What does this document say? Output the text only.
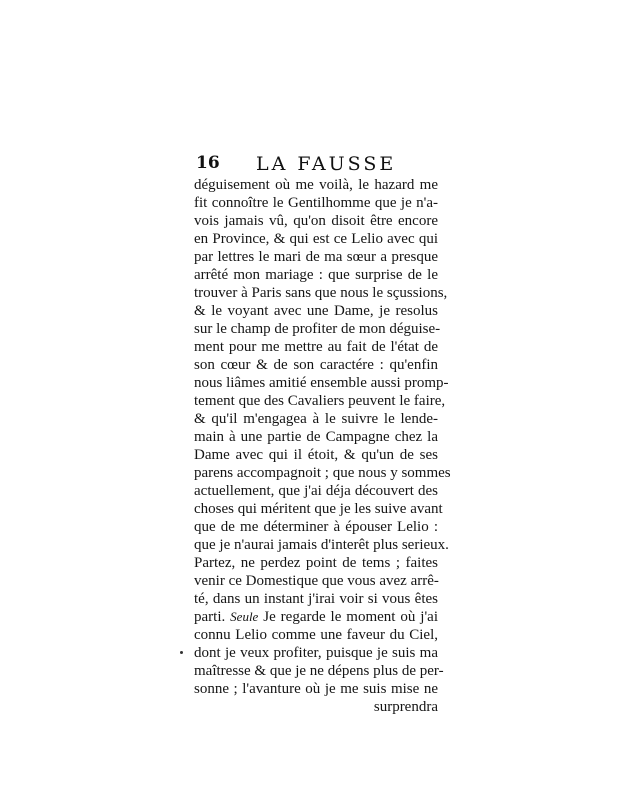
16 LA FAUSSE
déguisement où me voilà, le hazard me
fit connoître le Gentilhomme que je n'a-
vois jamais vû, qu'on disoit être encore
en Province, & qui est ce Lelio avec qui
par lettres le mari de ma sœur a presque
arrêté mon mariage : que surprise de le
trouver à Paris sans que nous le sçussions,
& le voyant avec une Dame, je resolus
sur le champ de profiter de mon déguise-
ment pour me mettre au fait de l'état de
son cœur & de son caractére : qu'enfin
nous liâmes amitié ensemble aussi promp-
tement que des Cavaliers peuvent le faire,
& qu'il m'engagea à le suivre le lende-
main à une partie de Campagne chez la
Dame avec qui il étoit, & qu'un de ses
parens accompagnoit ; que nous y sommes
actuellement, que j'ai déja découvert des
choses qui méritent que je les suive avant
que de me déterminer à épouser Lelio :
que je n'aurai jamais d'interêt plus serieux.
Partez, ne perdez point de tems ; faites
venir ce Domestique que vous avez arrê-
té, dans un instant j'irai voir si vous êtes
parti. Seule Je regarde le moment où j'ai
connu Lelio comme une faveur du Ciel,
dont je veux profiter, puisque je suis ma
maîtresse & que je ne dépens plus de per-
sonne ; l'avanture où je me suis mise ne
surprendra
